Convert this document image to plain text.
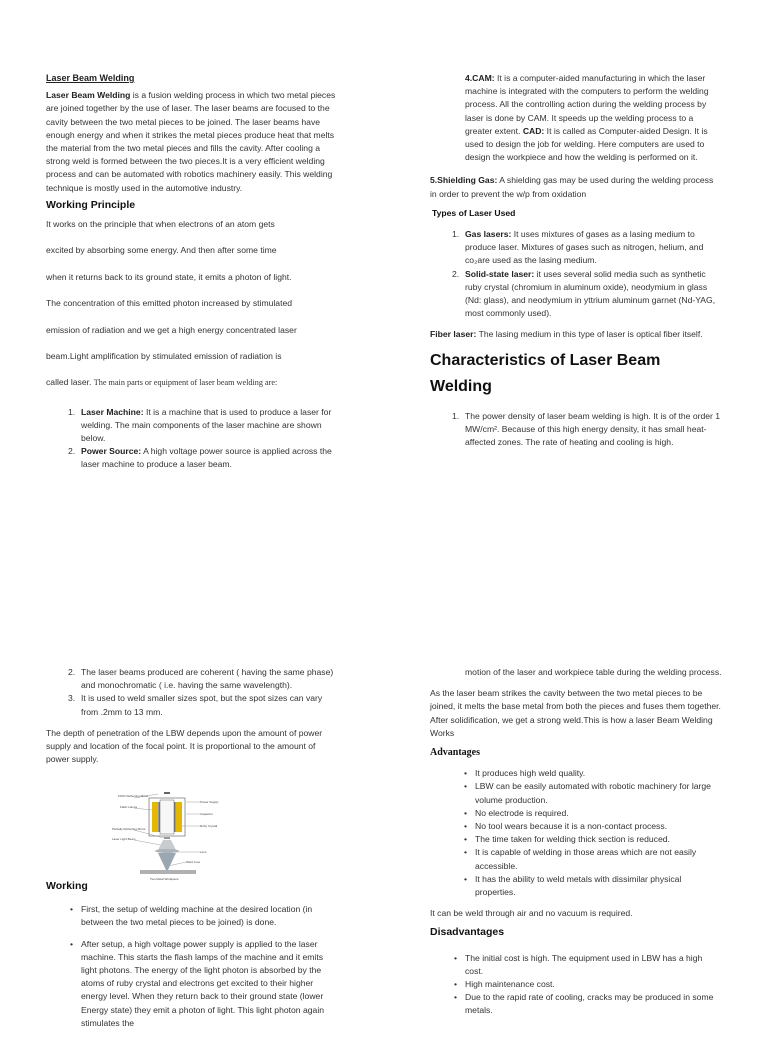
Laser Beam Welding

Laser Beam Welding is a fusion welding process in which two metal pieces are joined together by the use of laser. The laser beams are focused to the cavity between the two metal pieces to be joined. The laser beams have enough energy and when it strikes the metal pieces produce heat that melts the material from the two metal pieces and fills the cavity. After cooling a strong weld is formed between the two pieces.It is a very efficient welding process and can be automated with robotics machinery easily. This welding technique is mostly used in the automotive industry.

Working Principle

It works on the principle that when electrons of an atom gets

excited by absorbing some energy. And then after some time

when it returns back to its ground state, it emits a photon of light.

The concentration of this emitted photon increased by stimulated

emission of radiation and we get a high energy concentrated laser

beam.Light amplification by stimulated emission of radiation is

called laser. The main parts or equipment of laser beam welding are:

1. Laser Machine: It is a machine that is used to produce a laser for welding. The main components of the laser machine are shown below.
2. Power Source: A high voltage power source is applied across the laser machine to produce a laser beam.

4.CAM: It is a computer-aided manufacturing in which the laser machine is integrated with the computers to perform the welding process. All the controlling action during the welding process by laser is done by CAM. It speeds up the welding process to a greater extent. CAD: It is called as Computer-aided Design. It is used to design the job for welding. Here computers are used to design the workpiece and how the welding is performed on it.

5.Shielding Gas: A shielding gas may be used during the welding process in order to prevent the w/p from oxidation

Types of Laser Used

1. Gas lasers: It uses mixtures of gases as a lasing medium to produce laser. Mixtures of gases such as nitrogen, helium, and co₂are used as the lasing medium.
2. Solid-state laser: it uses several solid media such as synthetic ruby crystal (chromium in aluminum oxide), neodymium in glass (Nd: glass), and neodymium in yttrium aluminum garnet (Nd-YAG, most commonly used).

Fiber laser: The lasing medium in this type of laser is optical fiber itself.

Characteristics of Laser Beam Welding
1. The power density of laser beam welding is high. It is of the order 1 MW/cm². Because of this high energy density, it has small heat-affected zones. The rate of heating and cooling is high.
2. The laser beams produced are coherent ( having the same phase) and monochromatic ( i.e. having the same wavelength).
3. It is used to weld smaller sizes spot, but the spot sizes can vary from .2mm to 13 mm.

The depth of penetration of the LBW depends upon the amount of power supply and location of the focal point. It is proportional to the amount of power supply.

100% Reflecting Mirror
Flash Lamps
Partially Reflecting Mirror
Laser Light Beam
Power Supply
Capacitor
Ruby Crystal
Lens
Weld zone
Two Metal Workpiece
Working
• First, the setup of welding machine at the desired location (in between the two metal pieces to be joined) is done.
• After setup, a high voltage power supply is applied to the laser machine. This starts the flash lamps of the machine and it emits light photons. The energy of the light photon is absorbed by the atoms of ruby crystal and electrons get excited to their higher energy level. When they return back to their ground state (lower Energy state) they emit a photon of light. This light photon again stimulates the

motion of the laser and workpiece table during the welding process.

As the laser beam strikes the cavity between the two metal pieces to be joined, it melts the base metal from both the pieces and fuses them together. After solidification, we get a strong weld.This is how a laser Beam Welding Works

Advantages
• It produces high weld quality.
• LBW can be easily automated with robotic machinery for large volume production.
• No electrode is required.
• No tool wears because it is a non-contact process.
• The time taken for welding thick section is reduced.
• It is capable of welding in those areas which are not easily accessible.
• It has the ability to weld metals with dissimilar physical properties.

It can be weld through air and no vacuum is required.

Disadvantages
• The initial cost is high. The equipment used in LBW has a high cost.
• High maintenance cost.
• Due to the rapid rate of cooling, cracks may be produced in some metals.
